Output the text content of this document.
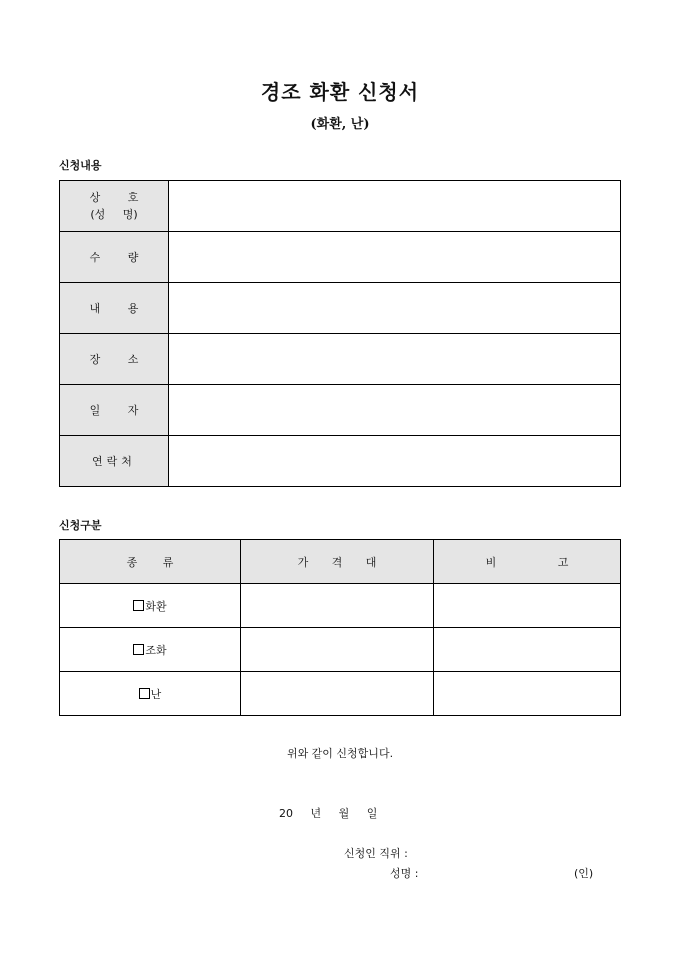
경조 화환 신청서
(화환, 난)
신청내용
상 호
(성 명)	
수 량	
내 용	
장 소	
일 자	
연락처	
신청구분
종 류	가 격 대	비 고
화환		
조화		
난		
위와 같이 신청합니다.
20 년 월 일
신청인 직위 :
성명 :	(인)
